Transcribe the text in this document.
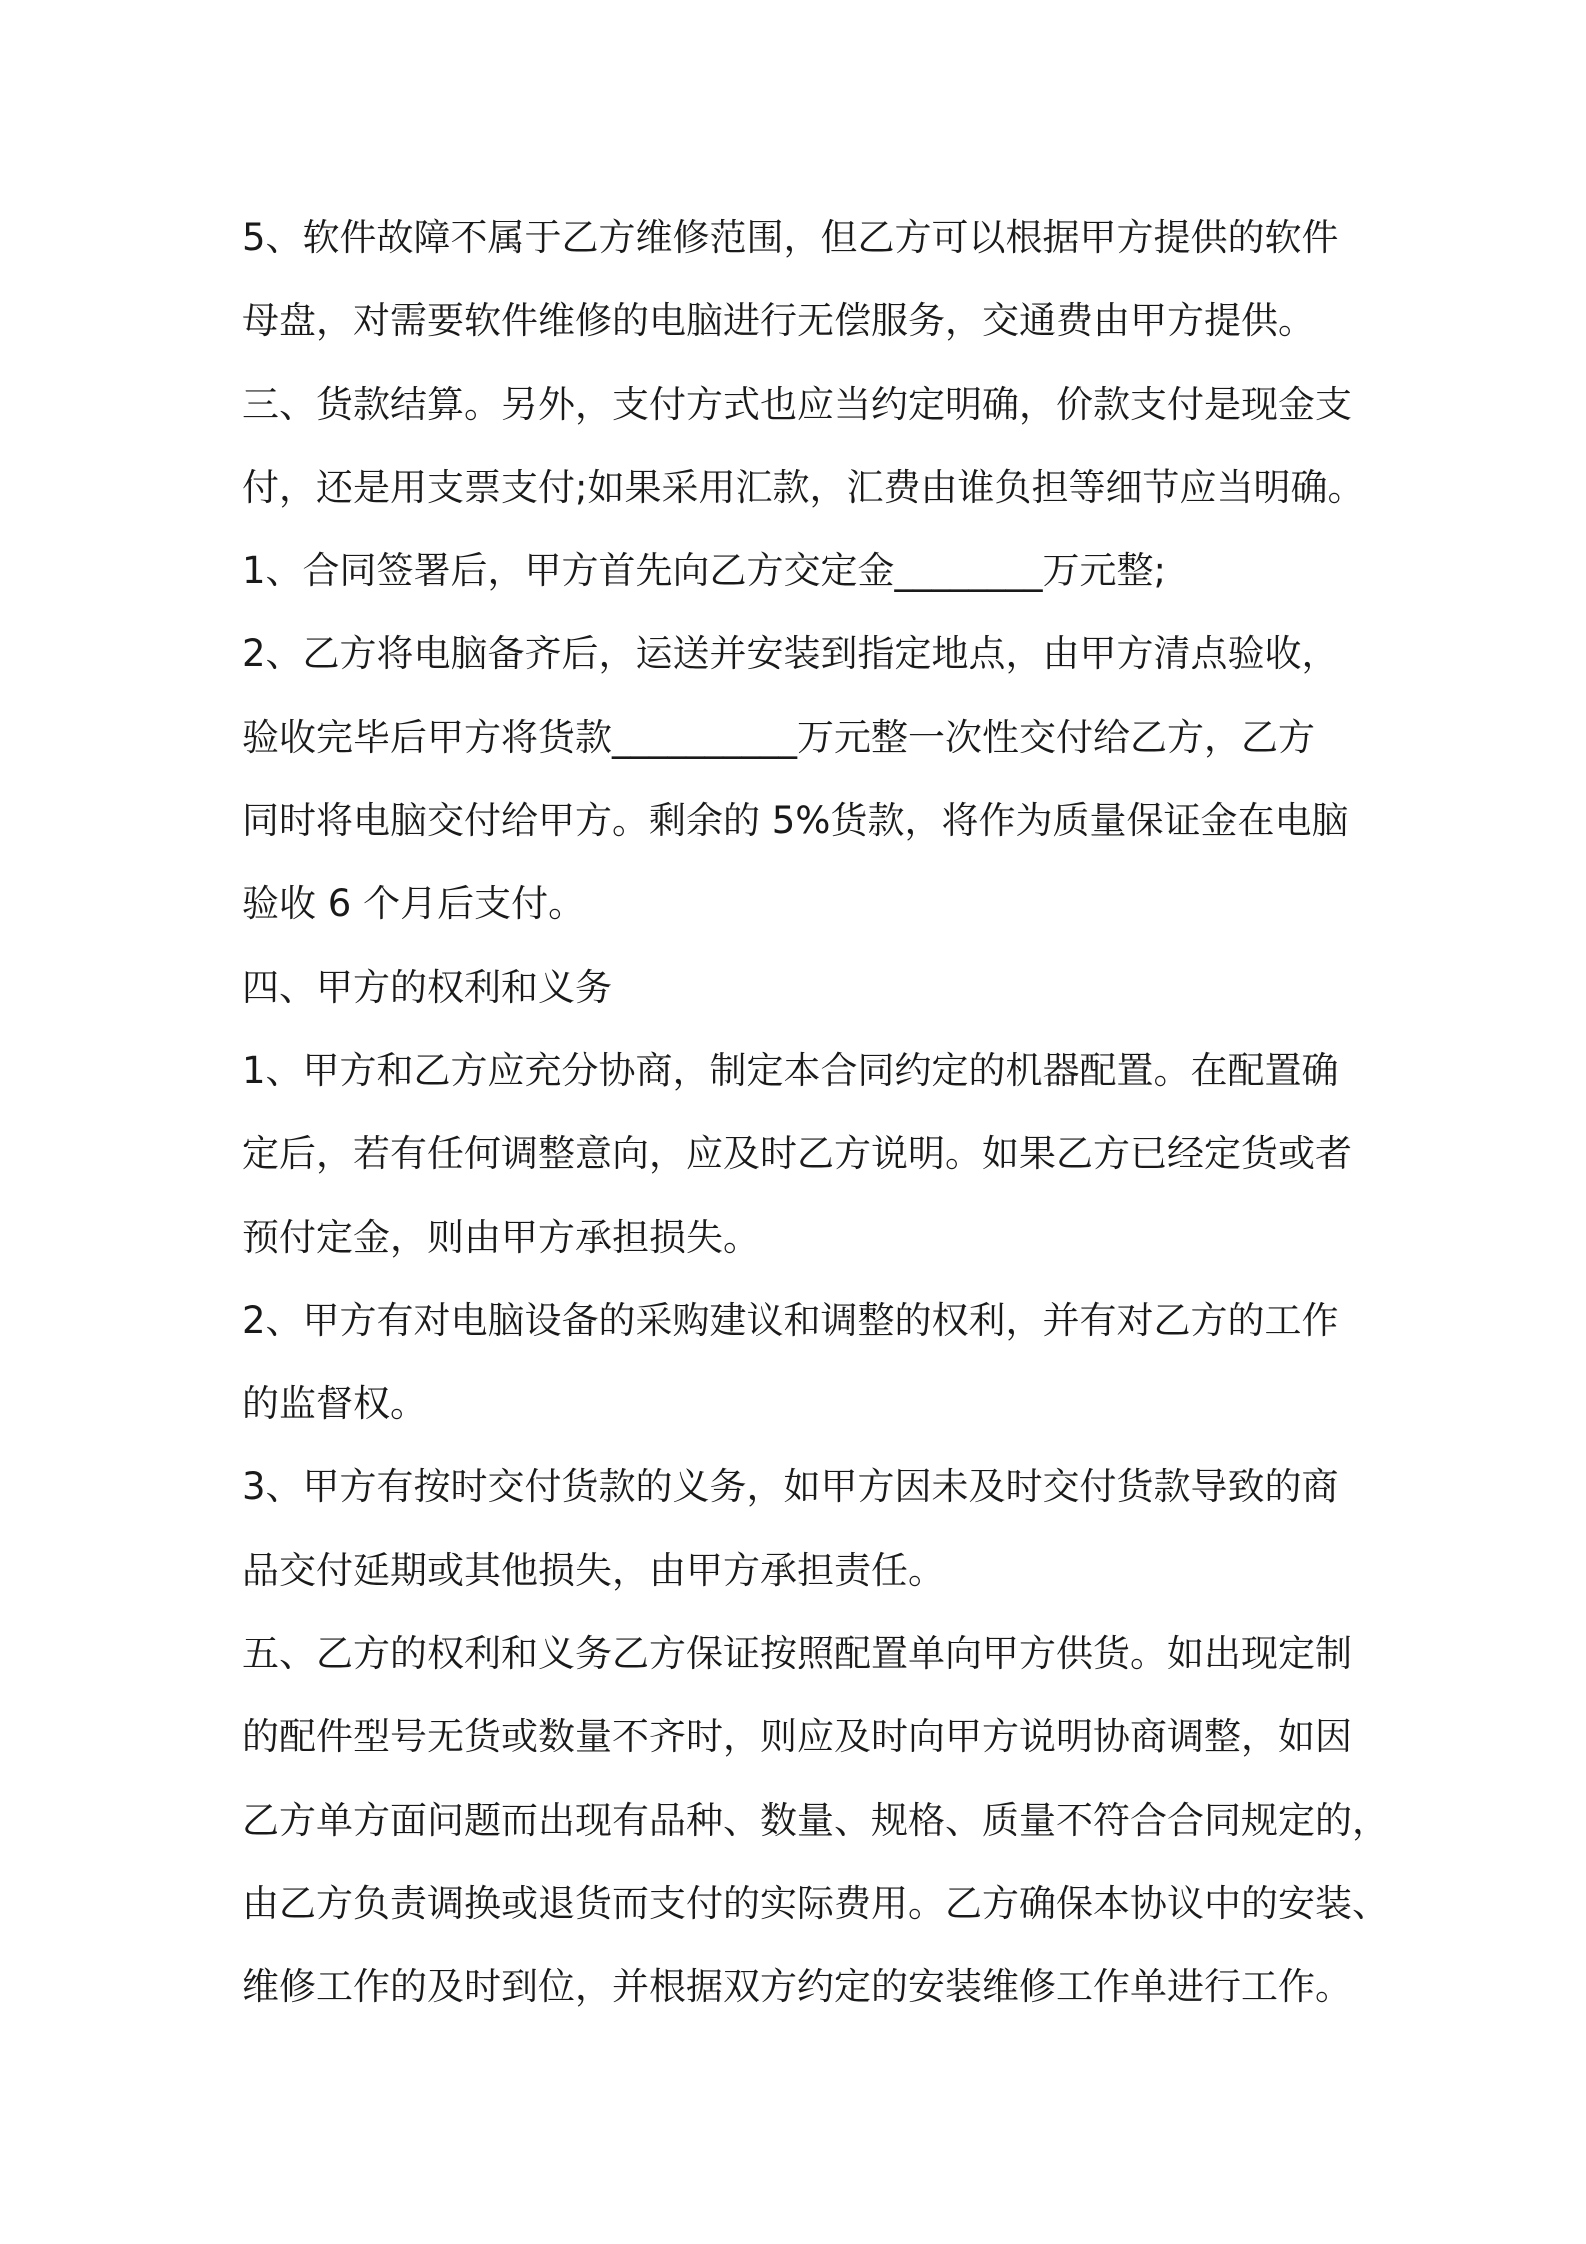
5、软件故障不属于乙方维修范围，但乙方可以根据甲方提供的软件
母盘，对需要软件维修的电脑进行无偿服务，交通费由甲方提供。
三、货款结算。另外，支付方式也应当约定明确，价款支付是现金支
付，还是用支票支付;如果采用汇款，汇费由谁负担等细节应当明确。
1、合同签署后，甲方首先向乙方交定金________万元整;
2、乙方将电脑备齐后，运送并安装到指定地点，由甲方清点验收，
验收完毕后甲方将货款__________万元整一次性交付给乙方，乙方
同时将电脑交付给甲方。剩余的 5%货款，将作为质量保证金在电脑
验收 6 个月后支付。
四、甲方的权利和义务
1、甲方和乙方应充分协商，制定本合同约定的机器配置。在配置确
定后，若有任何调整意向，应及时乙方说明。如果乙方已经定货或者
预付定金，则由甲方承担损失。
2、甲方有对电脑设备的采购建议和调整的权利，并有对乙方的工作
的监督权。
3、甲方有按时交付货款的义务，如甲方因未及时交付货款导致的商
品交付延期或其他损失，由甲方承担责任。
五、乙方的权利和义务乙方保证按照配置单向甲方供货。如出现定制
的配件型号无货或数量不齐时，则应及时向甲方说明协商调整，如因
乙方单方面问题而出现有品种、数量、规格、质量不符合合同规定的，
由乙方负责调换或退货而支付的实际费用。乙方确保本协议中的安装、
维修工作的及时到位，并根据双方约定的安装维修工作单进行工作。
